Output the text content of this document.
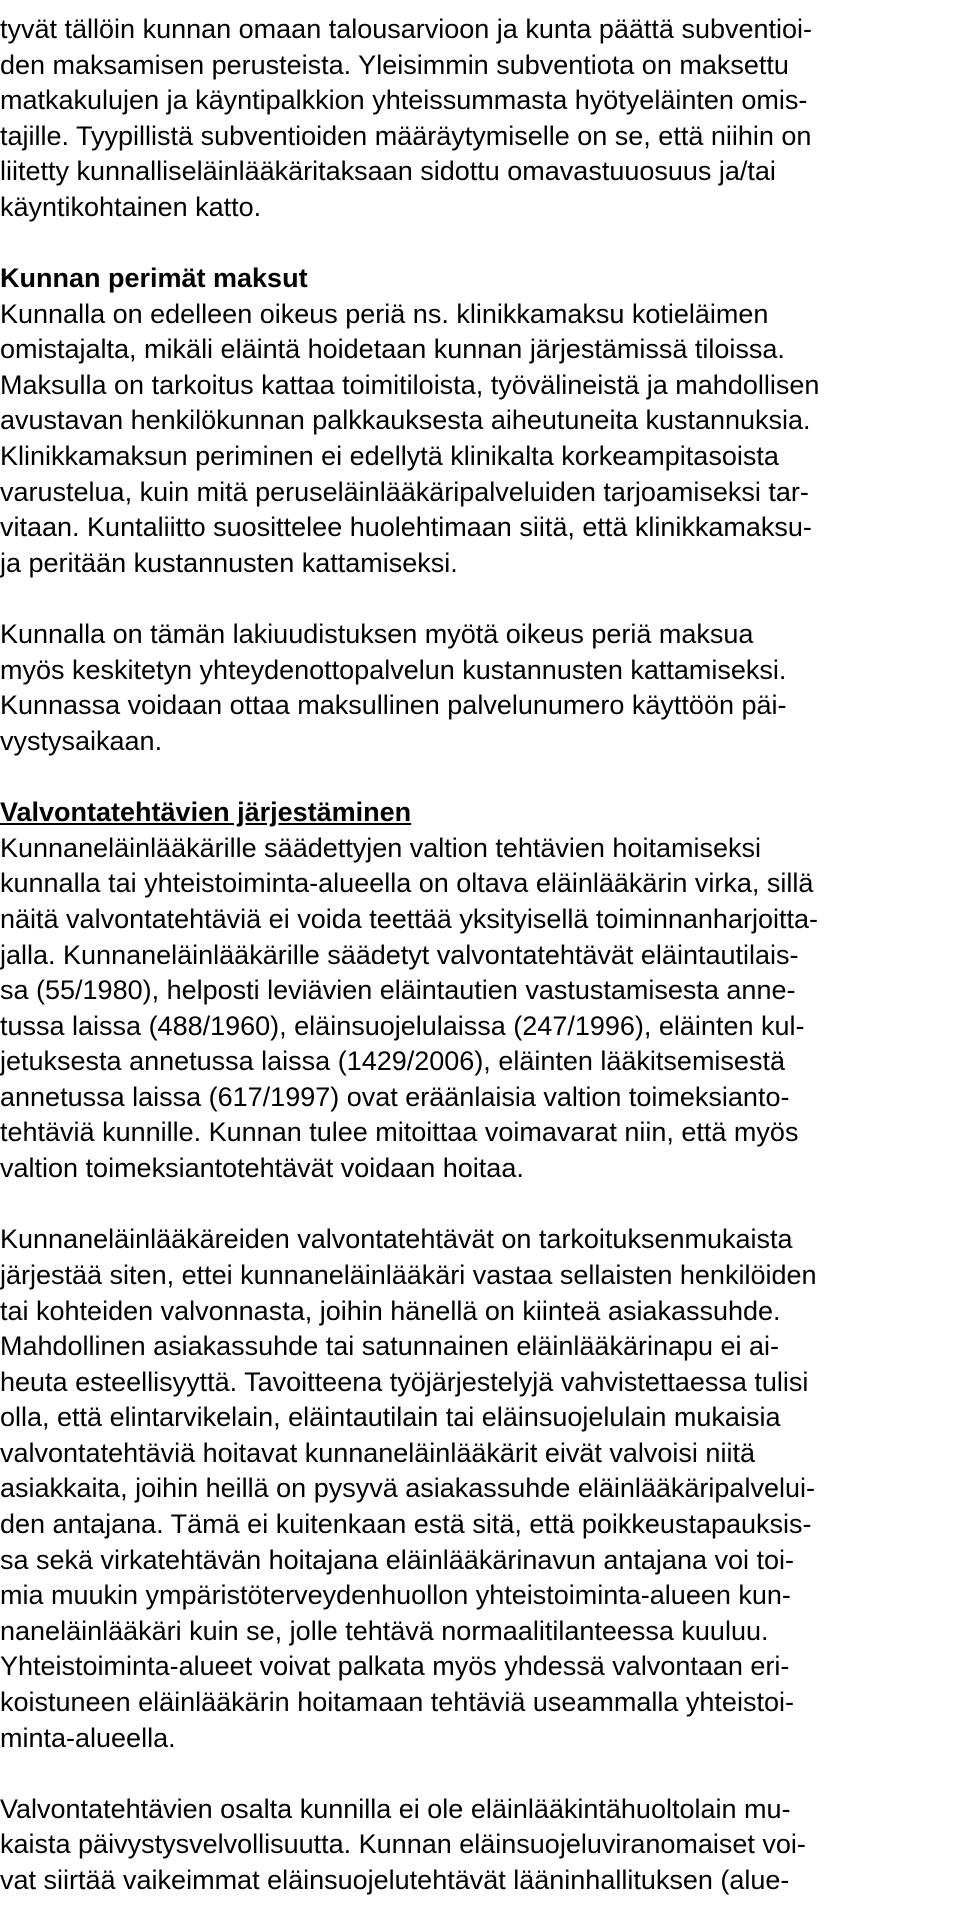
tyvät tällöin kunnan omaan talousarvioon ja kunta päättä subventioi-
den maksamisen perusteista. Yleisimmin subventiota on maksettu
matkakulujen ja käyntipalkkion yhteissummasta hyötyeläinten omis-
tajille. Tyypillistä subventioiden määräytymiselle on se, että niihin on
liitetty kunnalliseläinlääkäritaksaan sidottu omavastuuosuus ja/tai
käyntikohtainen katto.
Kunnan perimät maksut
Kunnalla on edelleen oikeus periä ns. klinikkamaksu kotieläimen
omistajalta, mikäli eläintä hoidetaan kunnan järjestämissä tiloissa.
Maksulla on tarkoitus kattaa toimitiloista, työvälineistä ja mahdollisen
avustavan henkilökunnan palkkauksesta aiheutuneita kustannuksia.
Klinikkamaksun periminen ei edellytä klinikalta korkeampitasoista
varustelua, kuin mitä peruseläinlääkäripalveluiden tarjoamiseksi tar-
vitaan. Kuntaliitto suosittelee huolehtimaan siitä, että klinikkamaksu-
ja peritään kustannusten kattamiseksi.
Kunnalla on tämän lakiuudistuksen myötä oikeus periä maksua
myös keskitetyn yhteydenottopalvelun kustannusten kattamiseksi.
Kunnassa voidaan ottaa maksullinen palvelunumero käyttöön päi-
vystysaikaan.
Valvontatehtävien järjestäminen
Kunnaneläinlääkärille säädettyjen valtion tehtävien hoitamiseksi
kunnalla tai yhteistoiminta-alueella on oltava eläinlääkärin virka, sillä
näitä valvontatehtäviä ei voida teettää yksityisellä toiminnanharjoitta-
jalla. Kunnaneläinlääkärille säädetyt valvontatehtävät eläintautilais-
sa (55/1980), helposti leviävien eläintautien vastustamisesta anne-
tussa laissa (488/1960), eläinsuojelulaissa (247/1996), eläinten kul-
jetuksesta annetussa laissa (1429/2006), eläinten lääkitsemisestä
annetussa laissa (617/1997) ovat eräänlaisia valtion toimeksianto-
tehtäviä kunnille. Kunnan tulee mitoittaa voimavarat niin, että myös
valtion toimeksiantotehtävät voidaan hoitaa.
Kunnaneläinlääkäreiden valvontatehtävät on tarkoituksenmukaista
järjestää siten, ettei kunnaneläinlääkäri vastaa sellaisten henkilöiden
tai kohteiden valvonnasta, joihin hänellä on kiinteä asiakassuhde.
Mahdollinen asiakassuhde tai satunnainen eläinlääkärinapu ei ai-
heuta esteellisyyttä. Tavoitteena työjärjestelyjä vahvistettaessa tulisi
olla, että elintarvikelain, eläintautilain tai eläinsuojelulain mukaisia
valvontatehtäviä hoitavat kunnaneläinlääkärit eivät valvoisi niitä
asiakkaita, joihin heillä on pysyvä asiakassuhde eläinlääkäripalvelui-
den antajana. Tämä ei kuitenkaan estä sitä, että poikkeustapauksis-
sa sekä virkatehtävän hoitajana eläinlääkärinavun antajana voi toi-
mia muukin ympäristöterveydenhuollon yhteistoiminta-alueen kun-
naneläinlääkäri kuin se, jolle tehtävä normaalitilanteessa kuuluu.
Yhteistoiminta-alueet voivat palkata myös yhdessä valvontaan eri-
koistuneen eläinlääkärin hoitamaan tehtäviä useammalla yhteistoi-
minta-alueella.
Valvontatehtävien osalta kunnilla ei ole eläinlääkintähuoltolain mu-
kaista päivystysvelvollisuutta. Kunnan eläinsuojeluviranomaiset voi-
vat siirtää vaikeimmat eläinsuojelutehtävät lääninhallituksen (alue-
